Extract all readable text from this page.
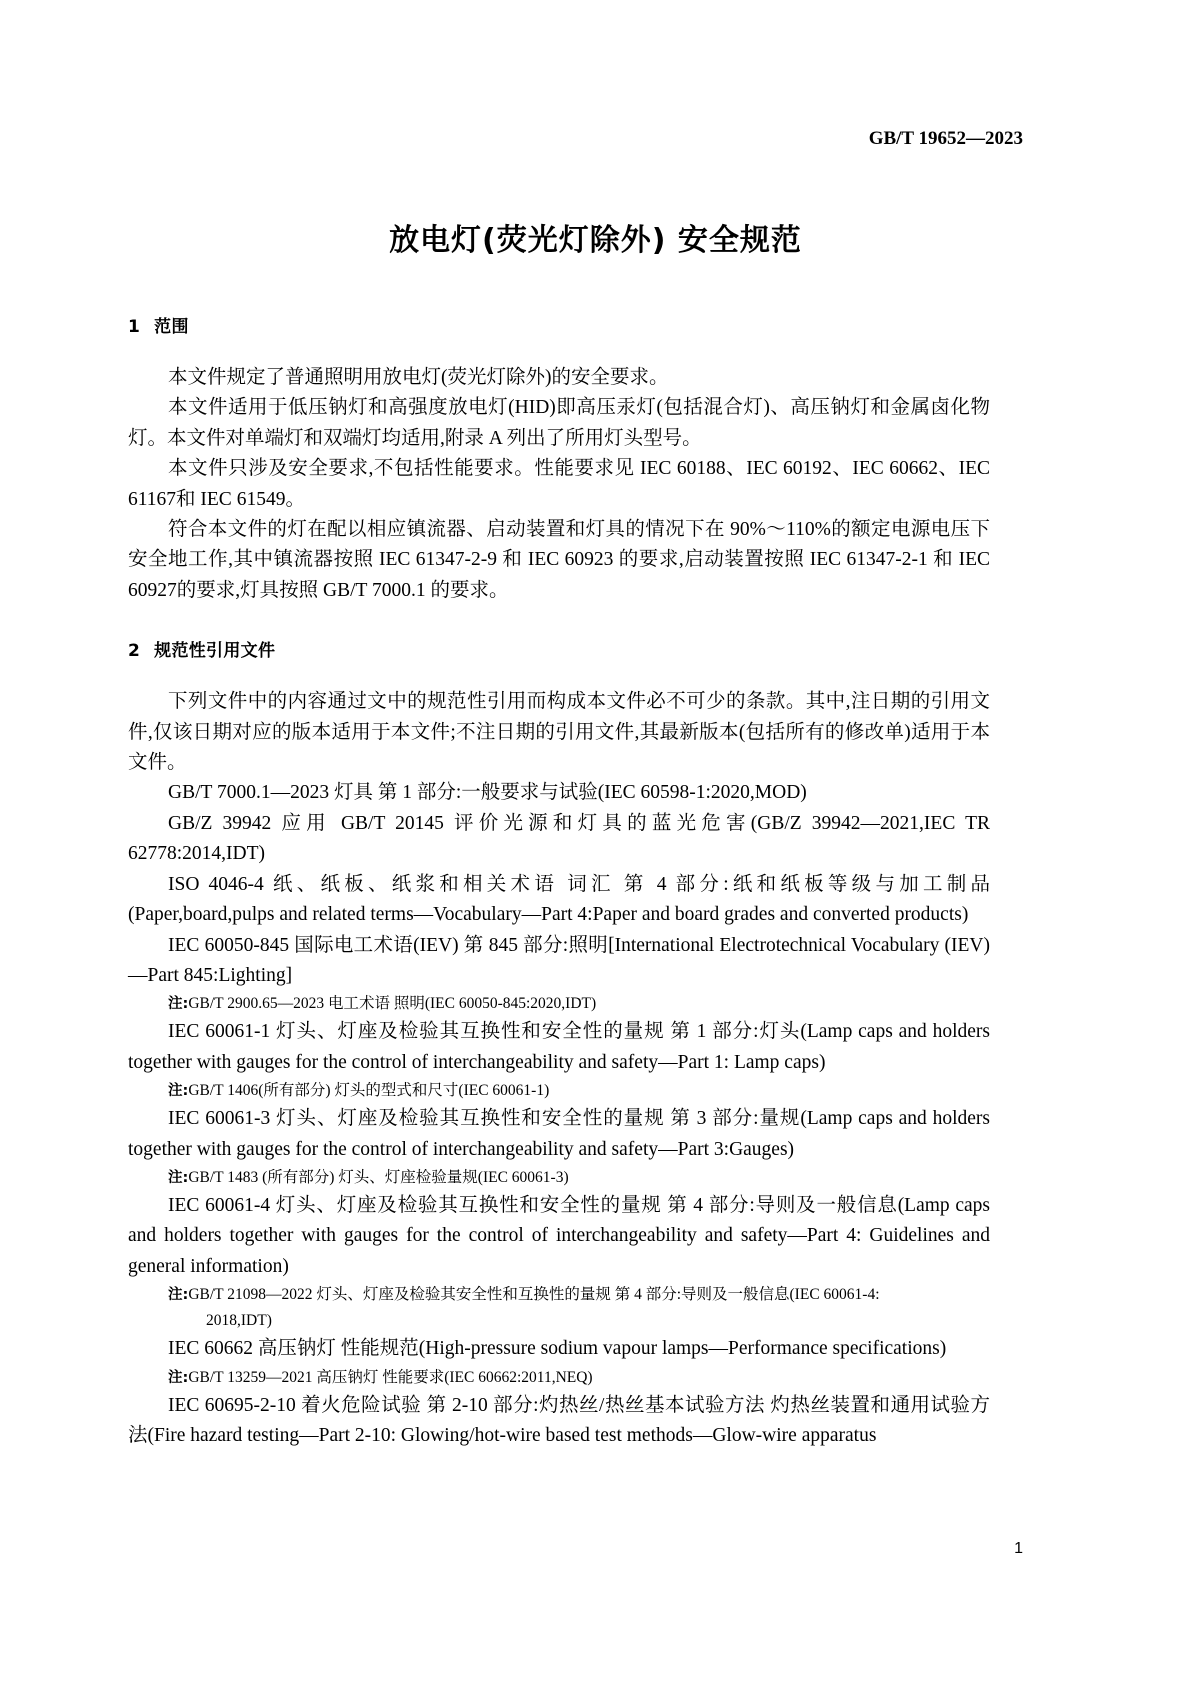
GB/T 19652—2023
放电灯(荧光灯除外) 安全规范
1 范围

本文件规定了普通照明用放电灯(荧光灯除外)的安全要求。

本文件适用于低压钠灯和高强度放电灯(HID)即高压汞灯(包括混合灯)、高压钠灯和金属卤化物灯。本文件对单端灯和双端灯均适用,附录 A 列出了所用灯头型号。

本文件只涉及安全要求,不包括性能要求。性能要求见 IEC 60188、IEC 60192、IEC 60662、IEC 61167和 IEC 61549。

符合本文件的灯在配以相应镇流器、启动装置和灯具的情况下在 90%～110%的额定电源电压下安全地工作,其中镇流器按照 IEC 61347-2-9 和 IEC 60923 的要求,启动装置按照 IEC 61347-2-1 和 IEC 60927的要求,灯具按照 GB/T 7000.1 的要求。

2 规范性引用文件

下列文件中的内容通过文中的规范性引用而构成本文件必不可少的条款。其中,注日期的引用文件,仅该日期对应的版本适用于本文件;不注日期的引用文件,其最新版本(包括所有的修改单)适用于本文件。

GB/T 7000.1—2023 灯具 第 1 部分:一般要求与试验(IEC 60598-1:2020,MOD)

GB/Z 39942 应用 GB/T 20145 评价光源和灯具的蓝光危害(GB/Z 39942—2021,IEC TR 62778:2014,IDT)

ISO 4046-4 纸、纸板、纸浆和相关术语 词汇 第 4 部分:纸和纸板等级与加工制品(Paper,board,pulps and related terms—Vocabulary—Part 4:Paper and board grades and converted products)

IEC 60050-845 国际电工术语(IEV) 第 845 部分:照明[International Electrotechnical Vocabulary (IEV)—Part 845:Lighting]

注:GB/T 2900.65—2023 电工术语 照明(IEC 60050-845:2020,IDT)

IEC 60061-1 灯头、灯座及检验其互换性和安全性的量规 第 1 部分:灯头(Lamp caps and holders together with gauges for the control of interchangeability and safety—Part 1: Lamp caps)

注:GB/T 1406(所有部分) 灯头的型式和尺寸(IEC 60061-1)

IEC 60061-3 灯头、灯座及检验其互换性和安全性的量规 第 3 部分:量规(Lamp caps and holders together with gauges for the control of interchangeability and safety—Part 3:Gauges)

注:GB/T 1483 (所有部分) 灯头、灯座检验量规(IEC 60061-3)

IEC 60061-4 灯头、灯座及检验其互换性和安全性的量规 第 4 部分:导则及一般信息(Lamp caps and holders together with gauges for the control of interchangeability and safety—Part 4: Guidelines and general information)

注:GB/T 21098—2022 灯头、灯座及检验其安全性和互换性的量规 第 4 部分:导则及一般信息(IEC 60061-4:

2018,IDT)

IEC 60662 高压钠灯 性能规范(High-pressure sodium vapour lamps—Performance specifications)

注:GB/T 13259—2021 高压钠灯 性能要求(IEC 60662:2011,NEQ)

IEC 60695-2-10 着火危险试验 第 2-10 部分:灼热丝/热丝基本试验方法 灼热丝装置和通用试验方法(Fire hazard testing—Part 2-10: Glowing/hot-wire based test methods—Glow-wire apparatus

1
